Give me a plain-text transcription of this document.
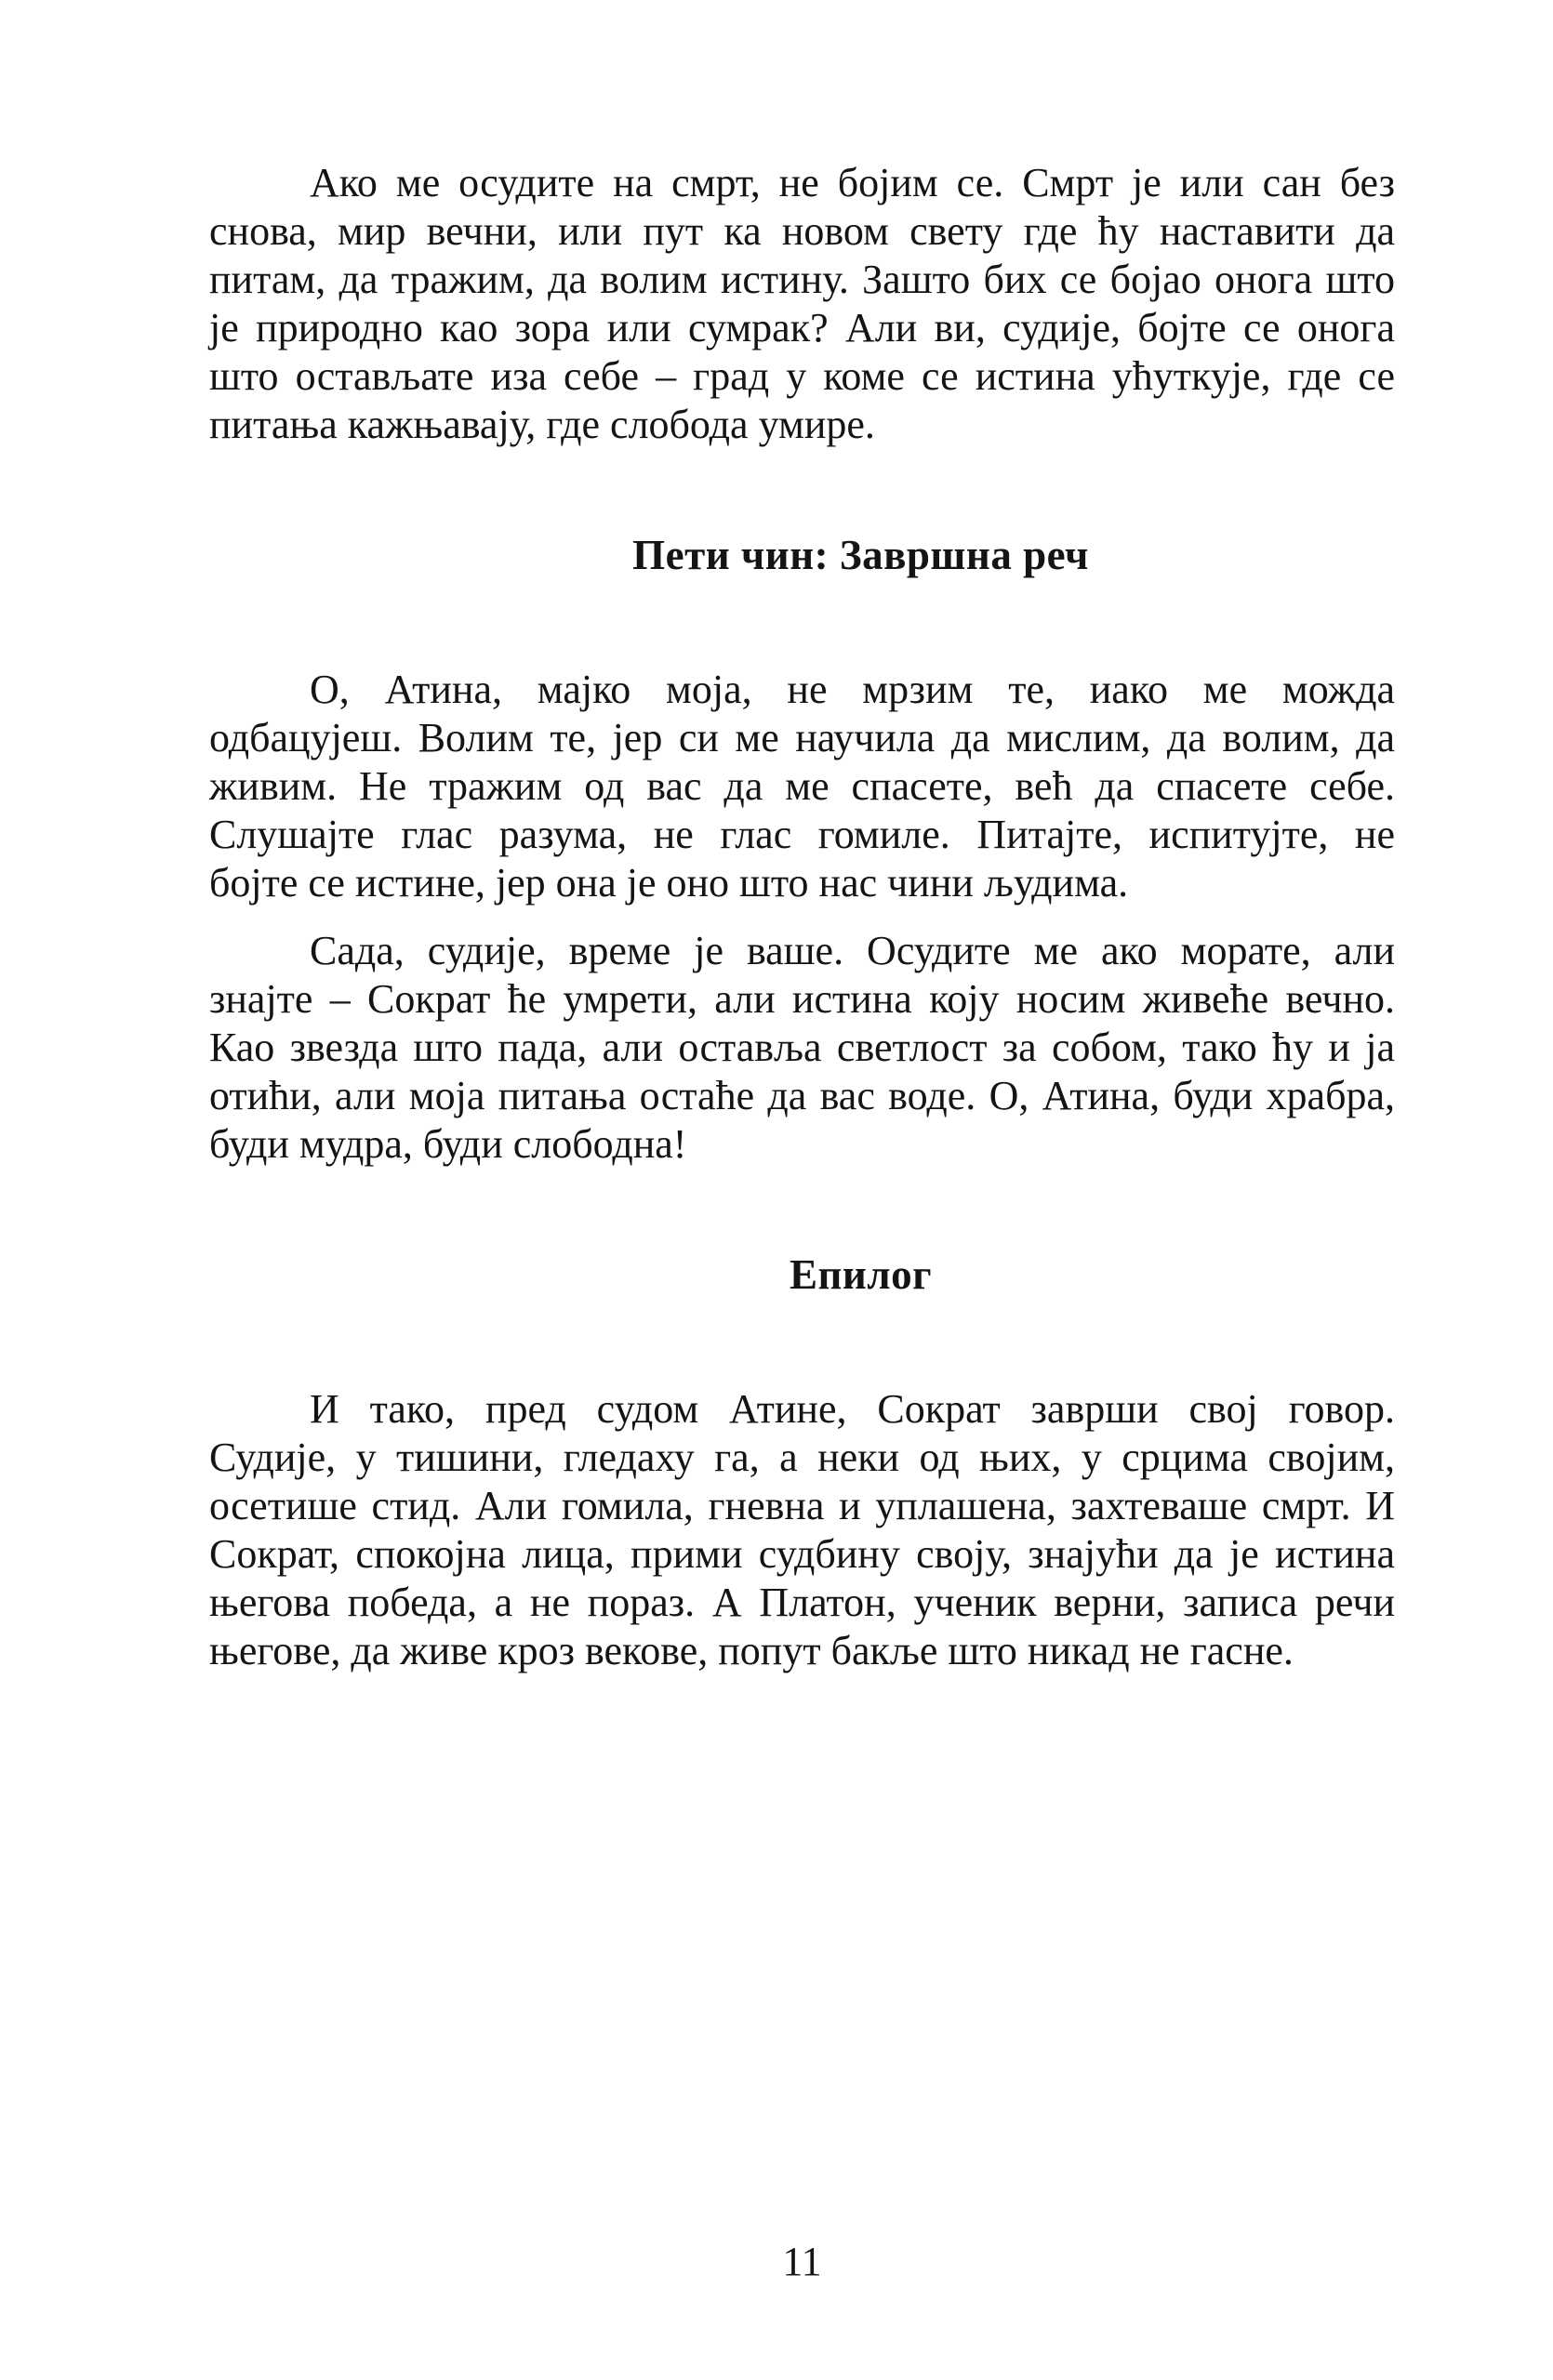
Ако ме осудите на смрт, не бојим се. Смрт је или сан без
снова, мир вечни, или пут ка новом свету где ћу наставити да
питам, да тражим, да волим истину. Зашто бих се бојао онога што
је природно као зора или сумрак? Али ви, судије, бојте се онога
што остављате иза себе – град у коме се истина ућуткује, где се
питања кажњавају, где слобода умире.
Пети чин: Завршна реч
О, Атина, мајко моја, не мрзим те, иако ме можда
одбацујеш. Волим те, јер си ме научила да мислим, да волим, да
живим. Не тражим од вас да ме спасете, већ да спасете себе.
Слушајте глас разума, не глас гомиле. Питајте, испитујте, не
бојте се истине, јер она је оно што нас чини људима.
Сада, судије, време је ваше. Осудите ме ако морате, али
знајте – Сократ ће умрети, али истина коју носим живеће вечно.
Као звезда што пада, али оставља светлост за собом, тако ћу и ја
отићи, али моја питања остаће да вас воде. О, Атина, буди храбра,
буди мудра, буди слободна!
Епилог
И тако, пред судом Атине, Сократ заврши свој говор.
Судије, у тишини, гледаху га, а неки од њих, у срцима својим,
осетише стид. Али гомила, гневна и уплашена, захтеваше смрт. И
Сократ, спокојна лица, прими судбину своју, знајући да је истина
његова победа, а не пораз. А Платон, ученик верни, записа речи
његове, да живе кроз векове, попут бакље што никад не гасне.
11
